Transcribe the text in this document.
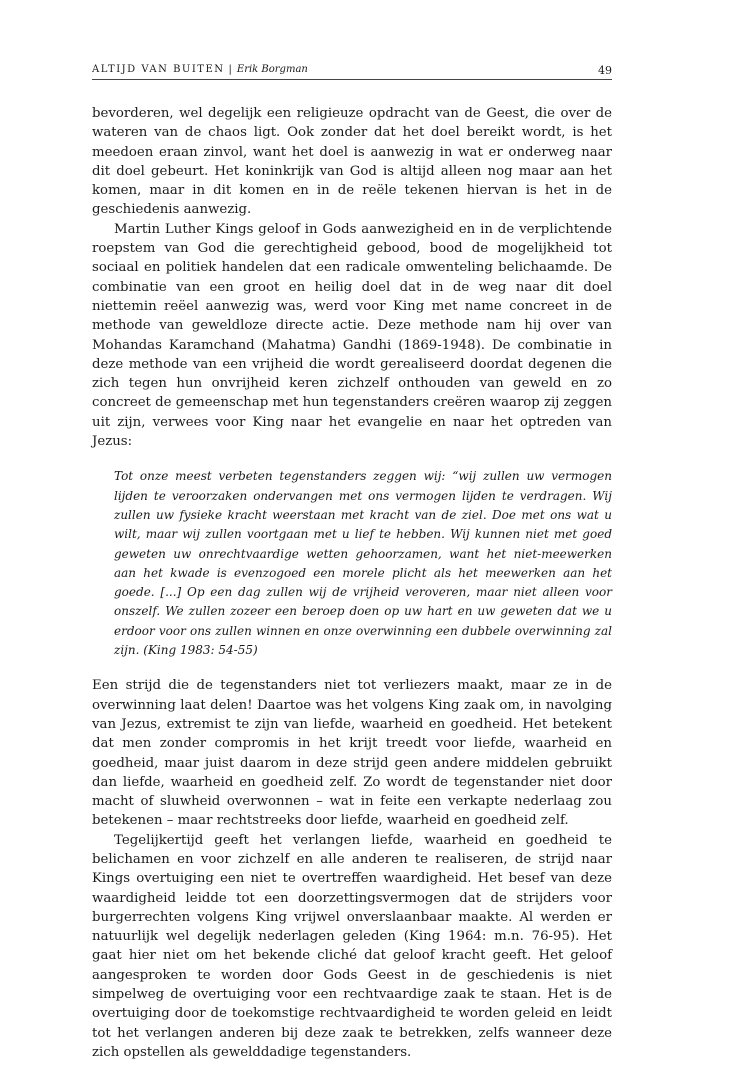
ALTIJD VAN BUITEN | Erik Borgman	49

bevorderen, wel degelijk een religieuze opdracht van de Geest, die over de wateren van de chaos ligt. Ook zonder dat het doel bereikt wordt, is het meedoen eraan zinvol, want het doel is aanwezig in wat er onderweg naar dit doel gebeurt. Het koninkrijk van God is altijd alleen nog maar aan het komen, maar in dit komen en in de reële tekenen hiervan is het in de geschiedenis aanwezig.

Martin Luther Kings geloof in Gods aanwezigheid en in de verplichtende roepstem van God die gerechtigheid gebood, bood de mogelijkheid tot sociaal en politiek handelen dat een radicale omwenteling belichaamde. De combinatie van een groot en heilig doel dat in de weg naar dit doel niettemin reëel aanwezig was, werd voor King met name concreet in de methode van geweldloze directe actie. Deze methode nam hij over van Mohandas Karamchand (Mahatma) Gandhi (1869-1948). De combinatie in deze methode van een vrijheid die wordt gerealiseerd doordat degenen die zich tegen hun onvrijheid keren zichzelf onthouden van geweld en zo concreet de gemeenschap met hun tegenstanders creëren waarop zij zeggen uit zijn, verwees voor King naar het evangelie en naar het optreden van Jezus:

Tot onze meest verbeten tegenstanders zeggen wij: “wij zullen uw vermogen lijden te veroorzaken ondervangen met ons vermogen lijden te verdragen. Wij zullen uw fysieke kracht weerstaan met kracht van de ziel. Doe met ons wat u wilt, maar wij zullen voortgaan met u lief te hebben. Wij kunnen niet met goed geweten uw onrechtvaardige wetten gehoorzamen, want het niet-meewerken aan het kwade is evenzogoed een morele plicht als het meewerken aan het goede. [...] Op een dag zullen wij de vrijheid veroveren, maar niet alleen voor onszelf. We zullen zozeer een beroep doen op uw hart en uw geweten dat we u erdoor voor ons zullen winnen en onze overwinning een dubbele overwinning zal zijn. (King 1983: 54-55)

Een strijd die de tegenstanders niet tot verliezers maakt, maar ze in de overwinning laat delen! Daartoe was het volgens King zaak om, in navolging van Jezus, extremist te zijn van liefde, waarheid en goedheid. Het betekent dat men zonder compromis in het krijt treedt voor liefde, waarheid en goedheid, maar juist daarom in deze strijd geen andere middelen gebruikt dan liefde, waarheid en goedheid zelf. Zo wordt de tegenstander niet door macht of sluwheid overwonnen – wat in feite een verkapte nederlaag zou betekenen – maar rechtstreeks door liefde, waarheid en goedheid zelf.

Tegelijkertijd geeft het verlangen liefde, waarheid en goedheid te belichamen en voor zichzelf en alle anderen te realiseren, de strijd naar Kings overtuiging een niet te overtreffen waardigheid. Het besef van deze waardigheid leidde tot een doorzettingsvermogen dat de strijders voor burgerrechten volgens King vrijwel onverslaanbaar maakte. Al werden er natuurlijk wel degelijk nederlagen geleden (King 1964: m.n. 76-95). Het gaat hier niet om het bekende cliché dat geloof kracht geeft. Het geloof aangesproken te worden door Gods Geest in de geschiedenis is niet simpelweg de overtuiging voor een rechtvaardige zaak te staan. Het is de overtuiging door de toekomstige rechtvaardigheid te worden geleid en leidt tot het verlangen anderen bij deze zaak te betrekken, zelfs wanneer deze zich opstellen als gewelddadige tegenstanders.
